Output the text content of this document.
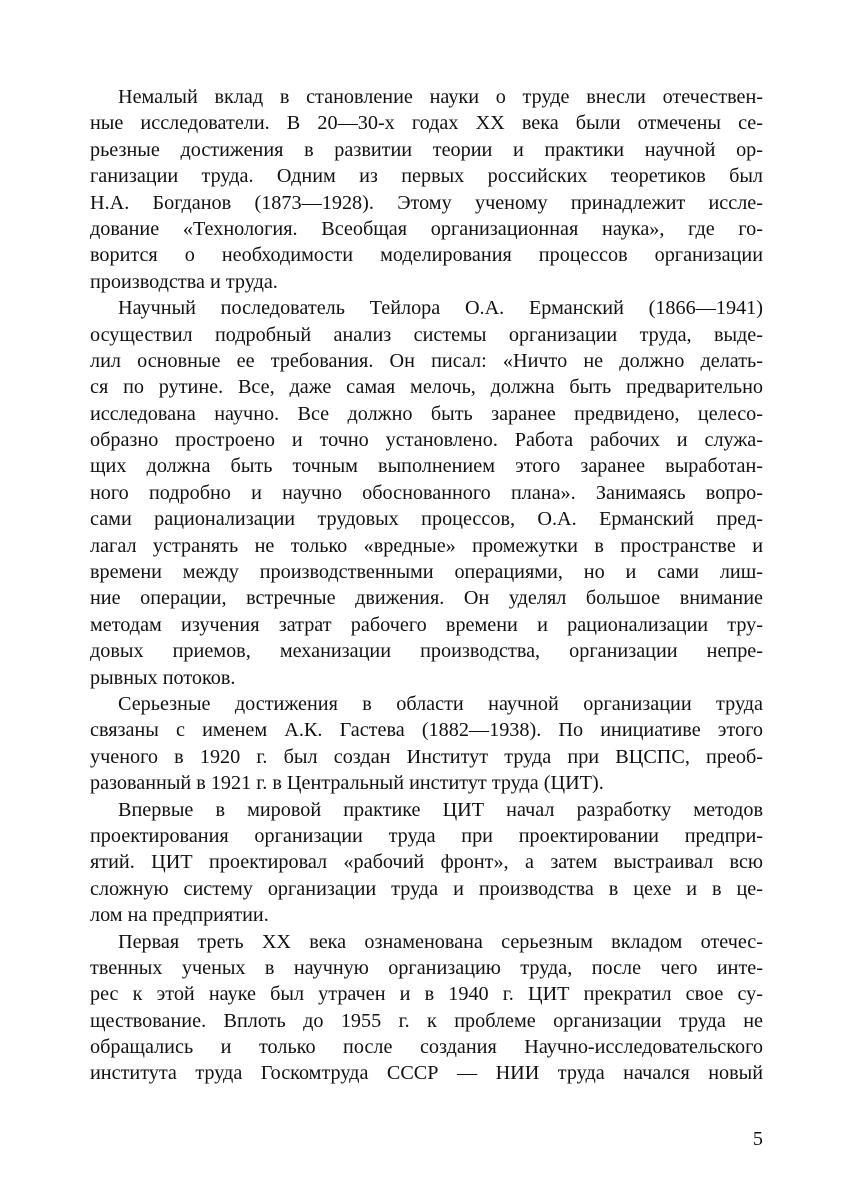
Немалый вклад в становление науки о труде внесли отечествен-
ные исследователи. В 20—30-х годах ХХ века были отмечены се-
рьезные достижения в развитии теории и практики научной ор-
ганизации труда. Одним из первых российских теоретиков был
Н.А. Богданов (1873—1928). Этому ученому принадлежит иссле-
дование «Технология. Всеобщая организационная наука», где го-
ворится о необходимости моделирования процессов организации
производства и труда.
Научный последователь Тейлора О.А. Ерманский (1866—1941)
осуществил подробный анализ системы организации труда, выде-
лил основные ее требования. Он писал: «Ничто не должно делать-
ся по рутине. Все, даже самая мелочь, должна быть предварительно
исследована научно. Все должно быть заранее предвидено, целесо-
образно простроено и точно установлено. Работа рабочих и служа-
щих должна быть точным выполнением этого заранее выработан-
ного подробно и научно обоснованного плана». Занимаясь вопро-
сами рационализации трудовых процессов, О.А. Ерманский пред-
лагал устранять не только «вредные» промежутки в пространстве и
времени между производственными операциями, но и сами лиш-
ние операции, встречные движения. Он уделял большое внимание
методам изучения затрат рабочего времени и рационализации тру-
довых приемов, механизации производства, организации непре-
рывных потоков.
Серьезные достижения в области научной организации труда
связаны с именем А.К. Гастева (1882—1938). По инициативе этого
ученого в 1920 г. был создан Институт труда при ВЦСПС, преоб-
разованный в 1921 г. в Центральный институт труда (ЦИТ).
Впервые в мировой практике ЦИТ начал разработку методов
проектирования организации труда при проектировании предпри-
ятий. ЦИТ проектировал «рабочий фронт», а затем выстраивал всю
сложную систему организации труда и производства в цехе и в це-
лом на предприятии.
Первая треть ХХ века ознаменована серьезным вкладом отечес-
твенных ученых в научную организацию труда, после чего инте-
рес к этой науке был утрачен и в 1940 г. ЦИТ прекратил свое су-
ществование. Вплоть до 1955 г. к проблеме организации труда не
обращались и только после создания Научно-исследовательского
института труда Госкомтруда СССР — НИИ труда начался новый
5
